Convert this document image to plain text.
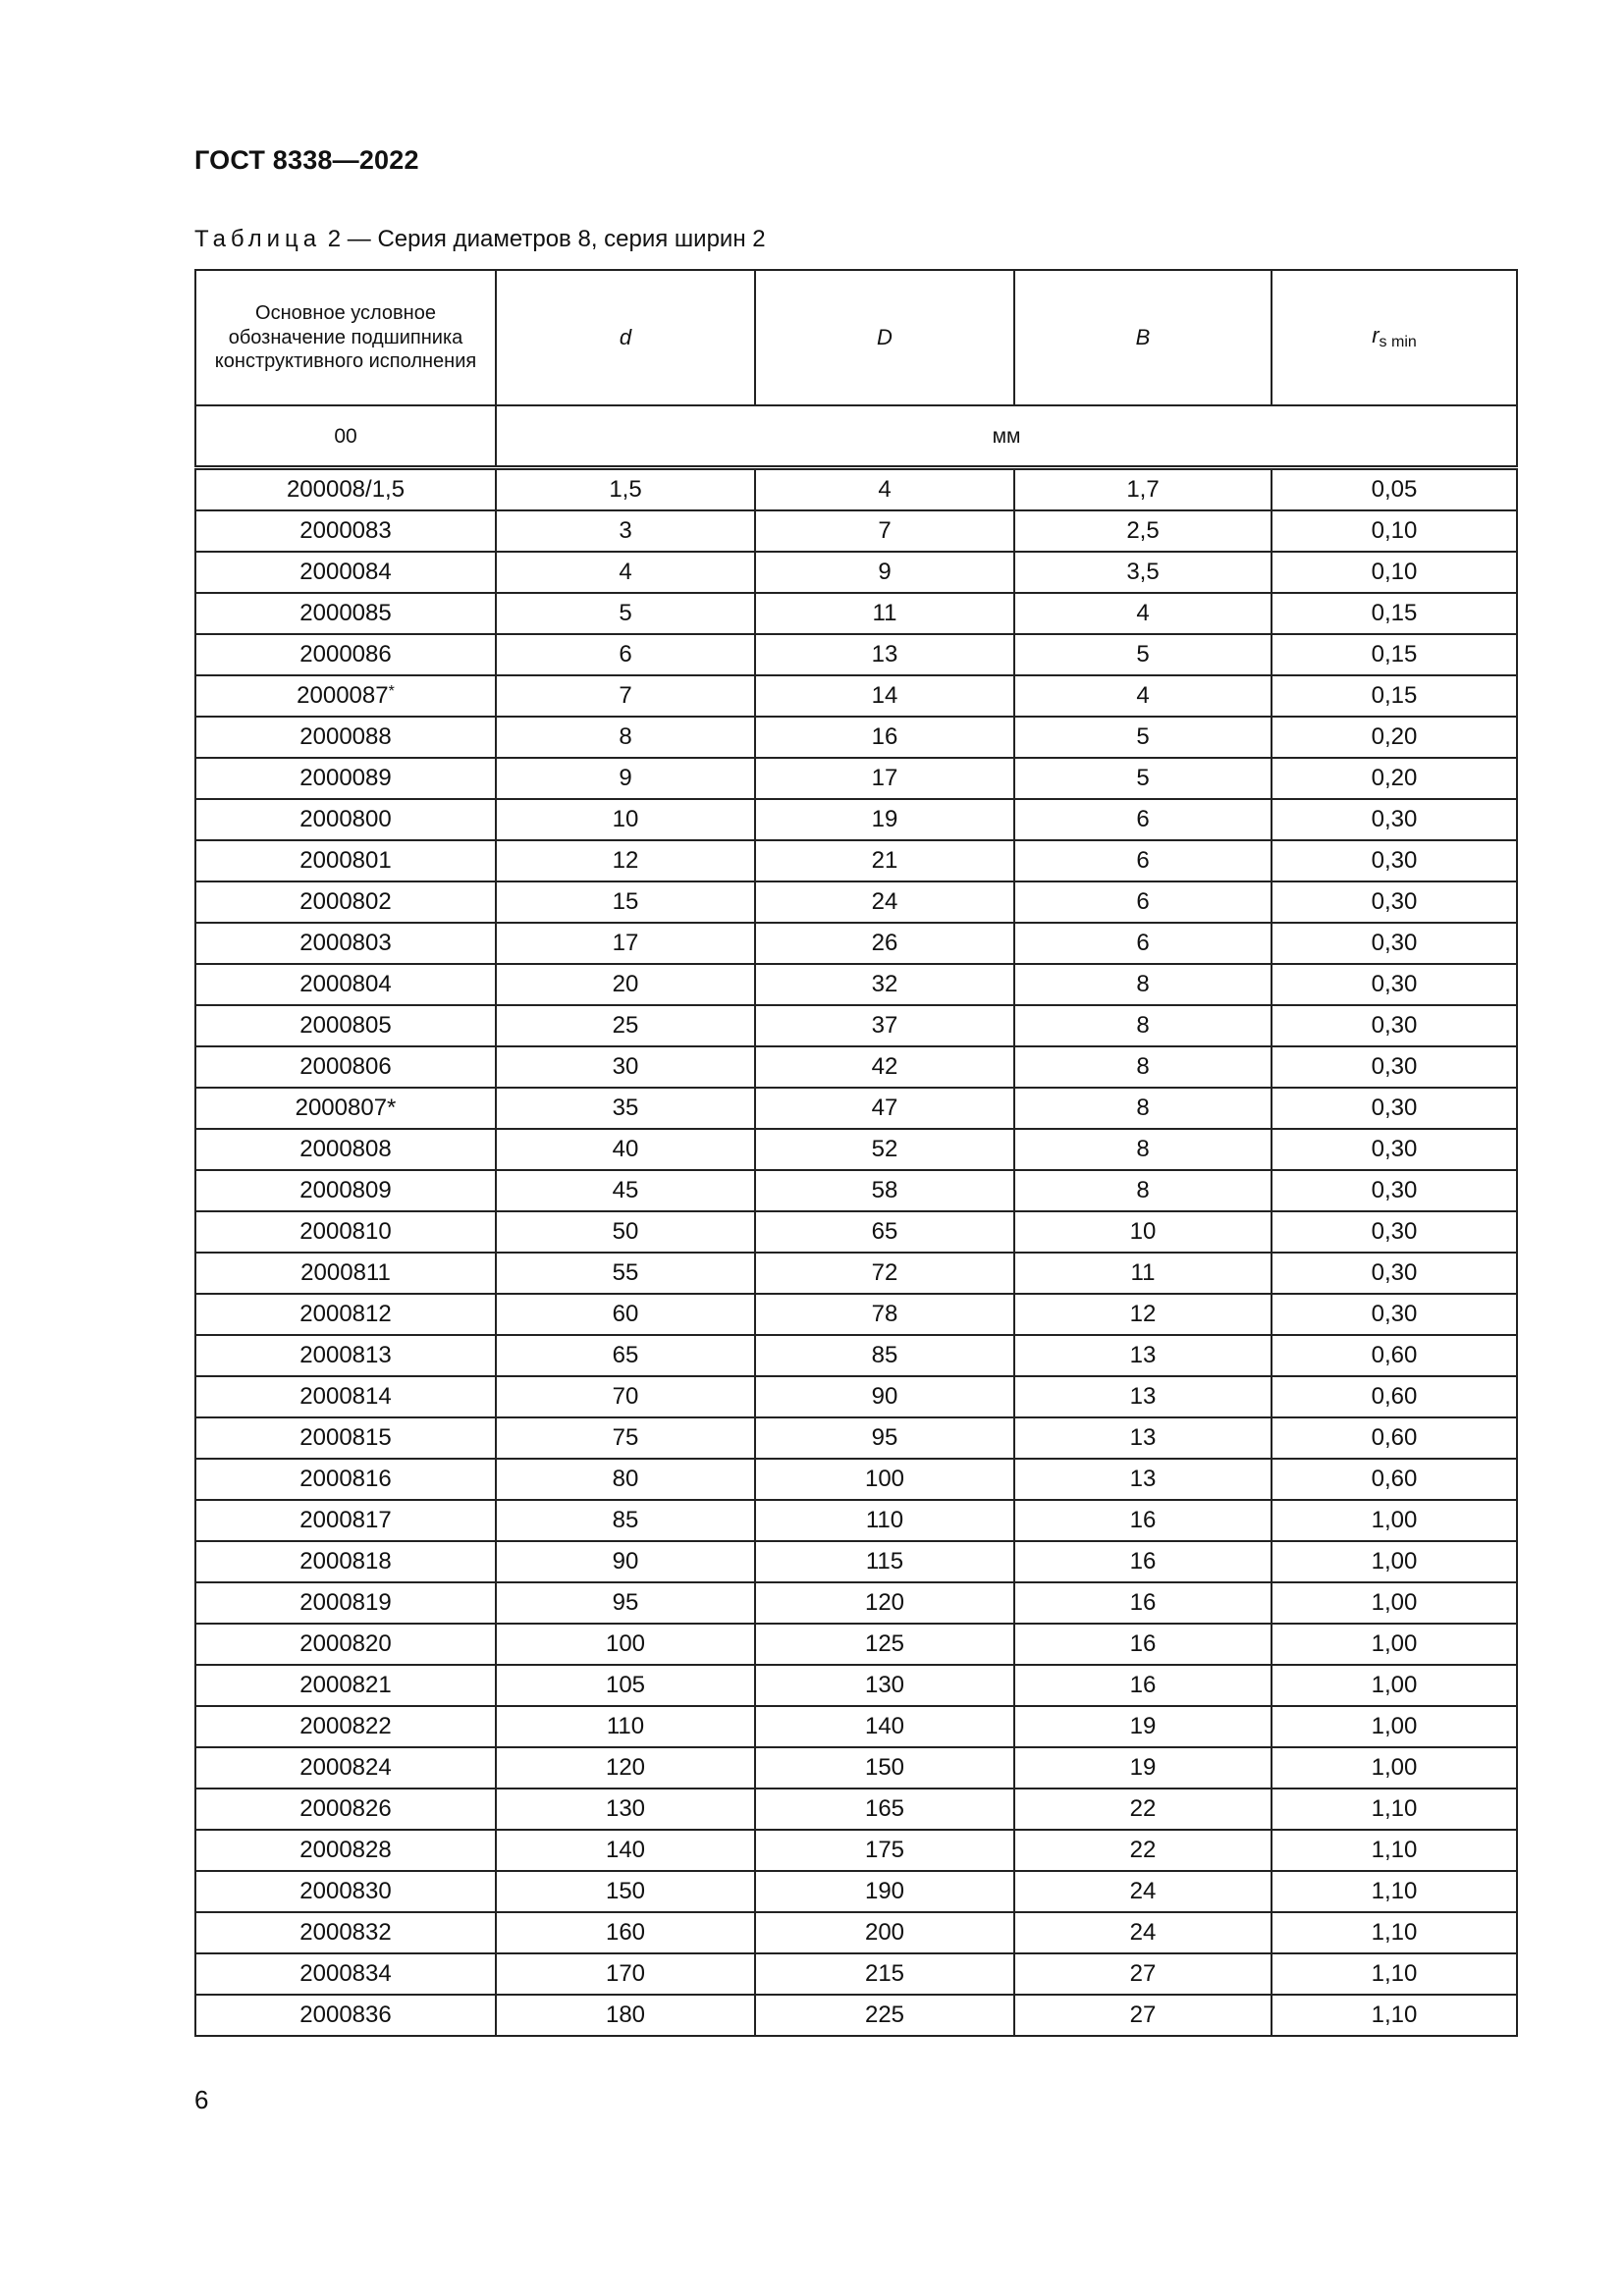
ГОСТ 8338—2022
Таблица 2 — Серия диаметров 8, серия ширин 2
Основное условное обозначение подшипника конструктивного исполнения	d	D	B	$r_{s min}$
00	мм			
200008/1,5	1,5	4	1,7	0,05
2000083	3	7	2,5	0,10
2000084	4	9	3,5	0,10
2000085	5	11	4	0,15
2000086	6	13	5	0,15
2000087*	7	14	4	0,15
2000088	8	16	5	0,20
2000089	9	17	5	0,20
2000800	10	19	6	0,30
2000801	12	21	6	0,30
2000802	15	24	6	0,30
2000803	17	26	6	0,30
2000804	20	32	8	0,30
2000805	25	37	8	0,30
2000806	30	42	8	0,30
2000807*	35	47	8	0,30
2000808	40	52	8	0,30
2000809	45	58	8	0,30
2000810	50	65	10	0,30
2000811	55	72	11	0,30
2000812	60	78	12	0,30
2000813	65	85	13	0,60
2000814	70	90	13	0,60
2000815	75	95	13	0,60
2000816	80	100	13	0,60
2000817	85	110	16	1,00
2000818	90	115	16	1,00
2000819	95	120	16	1,00
2000820	100	125	16	1,00
2000821	105	130	16	1,00
2000822	110	140	19	1,00
2000824	120	150	19	1,00
2000826	130	165	22	1,10
2000828	140	175	22	1,10
2000830	150	190	24	1,10
2000832	160	200	24	1,10
2000834	170	215	27	1,10
2000836	180	225	27	1,10
6
